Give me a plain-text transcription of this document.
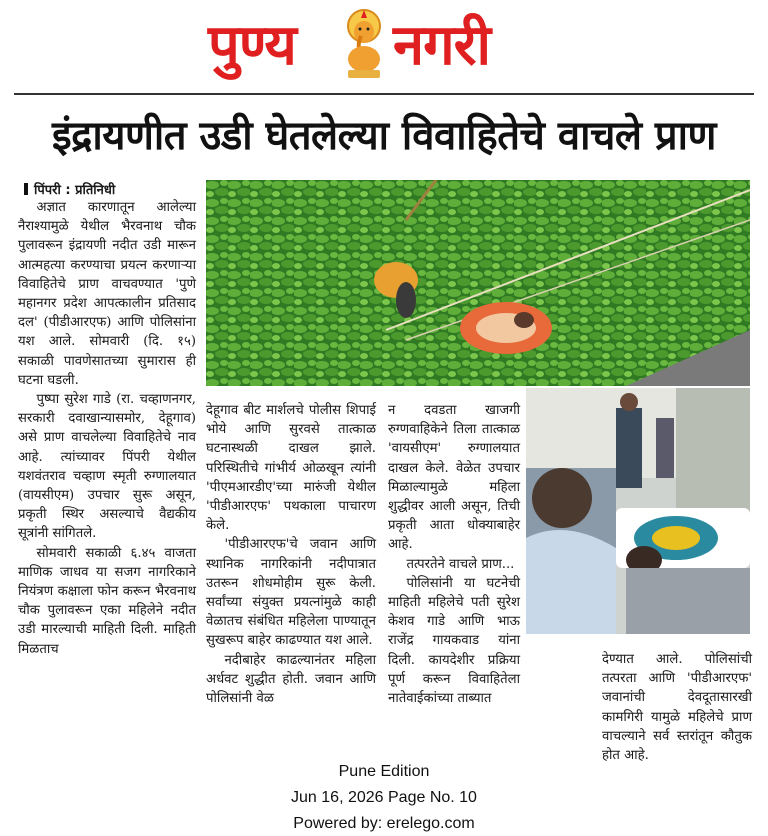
पुण्य नगरी
इंद्रायणीत उडी घेतलेल्या विवाहितेचे वाचले प्राण
पिंपरी : प्रतिनिधी

अज्ञात कारणातून आलेल्या नैराश्यामुळे येथील भैरवनाथ चौक पुलावरून इंद्रायणी नदीत उडी मारून आत्महत्या करण्याचा प्रयत्न करणाऱ्या विवाहितेचे प्राण वाचवण्यात 'पुणे महानगर प्रदेश आपत्कालीन प्रतिसाद दल' (पीडीआरएफ) आणि पोलिसांना यश आले. सोमवारी (दि. १५) सकाळी पावणेसातच्या सुमारास ही घटना घडली.

पुष्पा सुरेश गाडे (रा. चव्हाणनगर, सरकारी दवाखान्यासमोर, देहूगाव) असे प्राण वाचलेल्या विवाहितेचे नाव आहे. त्यांच्यावर पिंपरी येथील यशवंतराव चव्हाण स्मृती रुग्णालयात (वायसीएम) उपचार सुरू असून, प्रकृती स्थिर असल्याचे वैद्यकीय सूत्रांनी सांगितले.

सोमवारी सकाळी ६.४५ वाजता माणिक जाधव या सजग नागरिकाने नियंत्रण कक्षाला फोन करून भैरवनाथ चौक पुलावरून एका महिलेने नदीत उडी मारल्याची माहिती दिली. माहिती मिळताच

देहूगाव बीट मार्शलचे पोलीस शिपाई भोये आणि सुरवसे तात्काळ घटनास्थळी दाखल झाले. परिस्थितीचे गांभीर्य ओळखून त्यांनी 'पीएमआरडीए'च्या मारुंजी येथील 'पीडीआरएफ' पथकाला पाचारण केले.

'पीडीआरएफ'चे जवान आणि स्थानिक नागरिकांनी नदीपात्रात उतरून शोधमोहीम सुरू केली. सर्वांच्या संयुक्त प्रयत्नांमुळे काही वेळातच संबंधित महिलेला पाण्यातून सुखरूप बाहेर काढण्यात यश आले.

नदीबाहेर काढल्यानंतर महिला अर्धवट शुद्धीत होती. जवान आणि पोलिसांनी वेळ

न दवडता खाजगी रुग्णवाहिकेने तिला तात्काळ 'वायसीएम' रुग्णालयात दाखल केले. वेळेत उपचार मिळाल्यामुळे महिला शुद्धीवर आली असून, तिची प्रकृती आता धोक्याबाहेर आहे.

तत्परतेने वाचले प्राण...

पोलिसांनी या घटनेची माहिती महिलेचे पती सुरेश केशव गाडे आणि भाऊ राजेंद्र गायकवाड यांना दिली. कायदेशीर प्रक्रिया पूर्ण करून विवाहितेला नातेवाईकांच्या ताब्यात

देण्यात आले. पोलिसांची तत्परता आणि 'पीडीआरएफ' जवानांची देवदूतासारखी कामगिरी यामुळे महिलेचे प्राण वाचल्याने सर्व स्तरांतून कौतुक होत आहे.

Pune Edition
Jun 16, 2026 Page No. 10
Powered by: erelego.com
